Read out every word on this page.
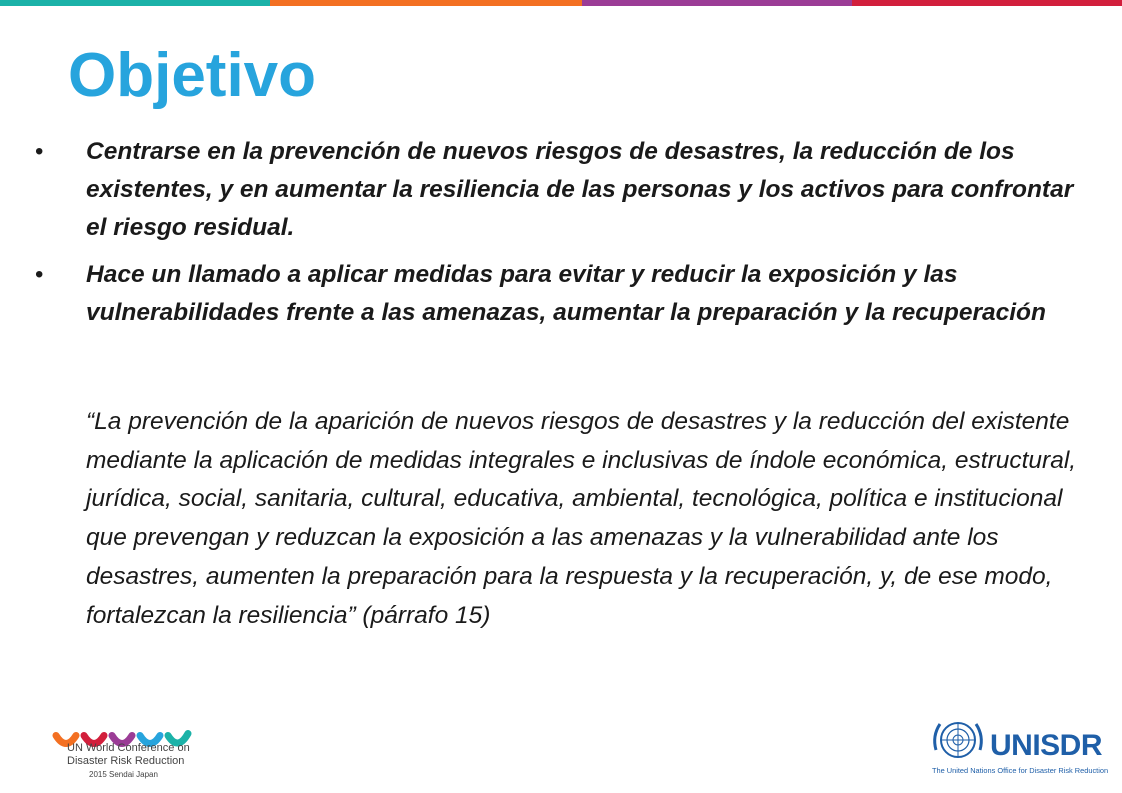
Objetivo
• Centrarse en la prevención de nuevos riesgos de desastres, la reducción de los existentes, y en aumentar la resiliencia de las personas y los activos para confrontar el riesgo residual.
• Hace un llamado a aplicar medidas para evitar y reducir la exposición y las vulnerabilidades frente a las amenazas, aumentar la preparación y la recuperación
“La prevención de la aparición de nuevos riesgos de desastres y la reducción del existente mediante la aplicación de medidas integrales e inclusivas de índole económica, estructural, jurídica, social, sanitaria, cultural, educativa, ambiental, tecnológica, política e institucional que prevengan y reduzcan la exposición a las amenazas y la vulnerabilidad ante los desastres, aumenten la preparación para la respuesta y la recuperación, y, de ese modo, fortalezcan la resiliencia” (párrafo 15)
UN World Conference on
Disaster Risk Reduction
2015 Sendai Japan
UNISDR
The United Nations Office for Disaster Risk Reduction
